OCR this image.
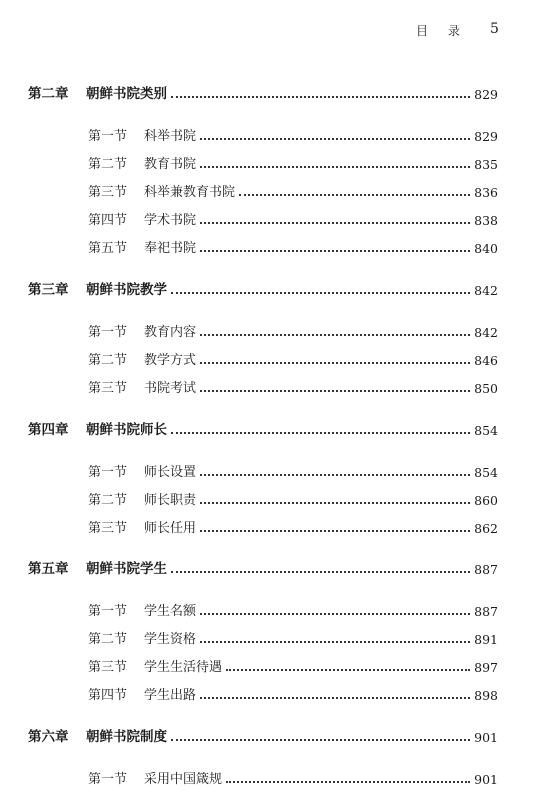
目 录 5
第二章	朝鲜书院类别	829
第一节	科举书院	829
第二节	教育书院	835
第三节	科举兼教育书院	836
第四节	学术书院	838
第五节	奉祀书院	840
第三章	朝鲜书院教学	842
第一节	教育内容	842
第二节	教学方式	846
第三节	书院考试	850
第四章	朝鲜书院师长	854
第一节	师长设置	854
第二节	师长职责	860
第三节	师长任用	862
第五章	朝鲜书院学生	887
第一节	学生名额	887
第二节	学生资格	891
第三节	学生生活待遇	897
第四节	学生出路	898
第六章	朝鲜书院制度	901
第一节	采用中国箴规	901
